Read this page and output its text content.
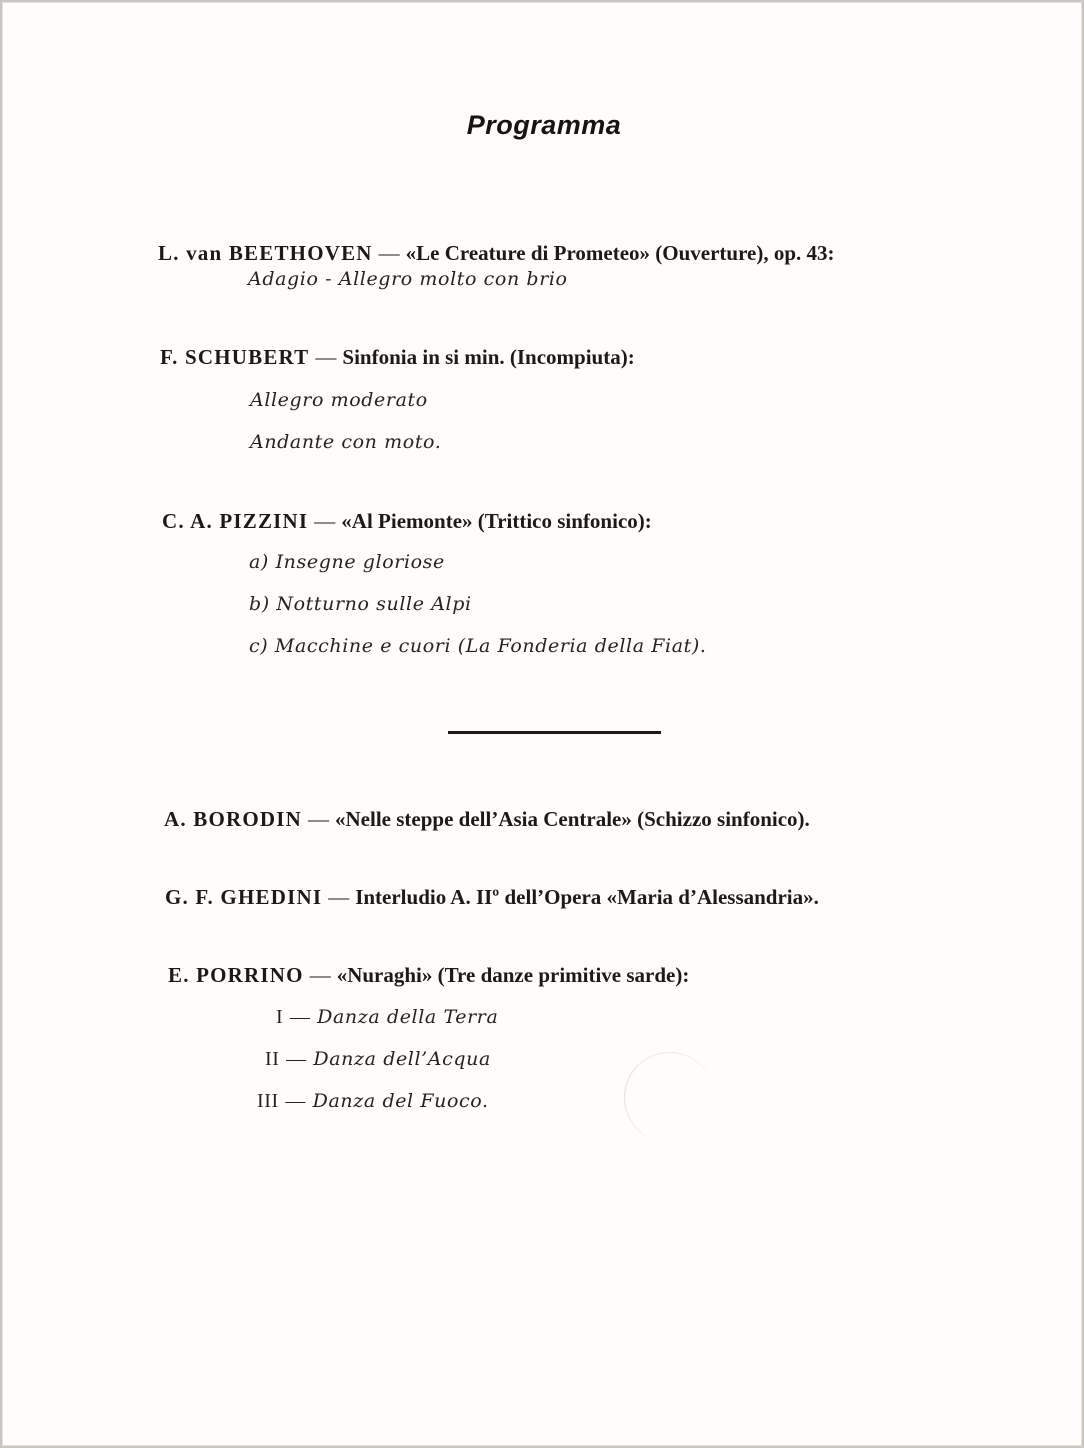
Programma
L. van BEETHOVEN — «Le Creature di Prometeo» (Ouverture), op. 43:
Adagio - Allegro molto con brio
F. SCHUBERT — Sinfonia in si min. (Incompiuta):
Allegro moderato
Andante con moto.
C. A. PIZZINI — «Al Piemonte» (Trittico sinfonico):
a) Insegne gloriose
b) Notturno sulle Alpi
c) Macchine e cuori (La Fonderia della Fiat).
A. BORODIN — «Nelle steppe dell’Asia Centrale» (Schizzo sinfonico).
G. F. GHEDINI — Interludio A. IIº dell’Opera «Maria d’Alessandria».
E. PORRINO — «Nuraghi» (Tre danze primitive sarde):
I — Danza della Terra
II — Danza dell’Acqua
III — Danza del Fuoco.
